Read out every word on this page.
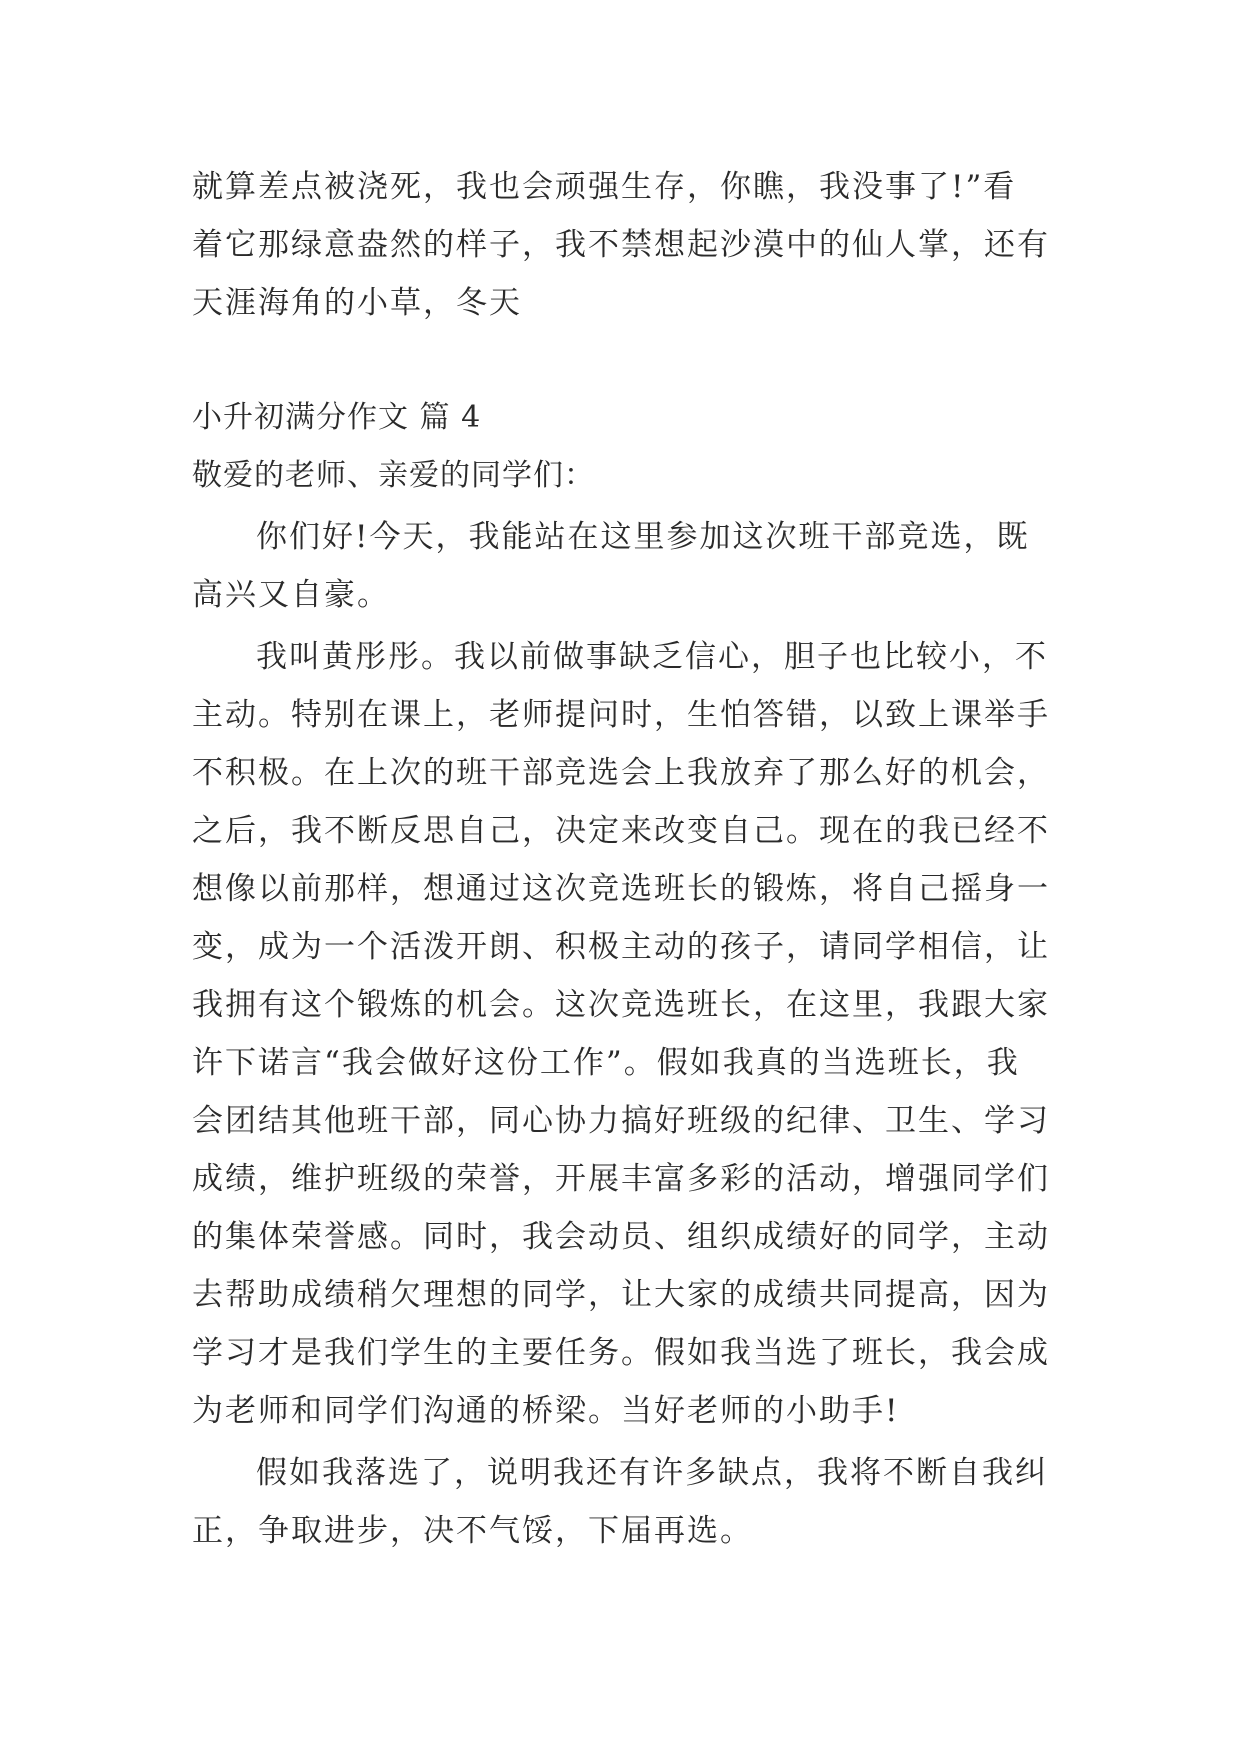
就算差点被浇死，我也会顽强生存，你瞧，我没事了!”看
着它那绿意盎然的样子，我不禁想起沙漠中的仙人掌，还有
天涯海角的小草，冬天
小升初满分作文 篇 4
敬爱的老师、亲爱的同学们：
你们好!今天，我能站在这里参加这次班干部竞选，既
高兴又自豪。
我叫黄彤彤。我以前做事缺乏信心，胆子也比较小，不
主动。特别在课上，老师提问时，生怕答错，以致上课举手
不积极。在上次的班干部竞选会上我放弃了那么好的机会，
之后，我不断反思自己，决定来改变自己。现在的我已经不
想像以前那样，想通过这次竞选班长的锻炼，将自己摇身一
变，成为一个活泼开朗、积极主动的孩子，请同学相信，让
我拥有这个锻炼的机会。这次竞选班长，在这里，我跟大家
许下诺言“我会做好这份工作”。假如我真的当选班长，我
会团结其他班干部，同心协力搞好班级的纪律、卫生、学习
成绩，维护班级的荣誉，开展丰富多彩的活动，增强同学们
的集体荣誉感。同时，我会动员、组织成绩好的同学，主动
去帮助成绩稍欠理想的同学，让大家的成绩共同提高，因为
学习才是我们学生的主要任务。假如我当选了班长，我会成
为老师和同学们沟通的桥梁。当好老师的小助手!
假如我落选了，说明我还有许多缺点，我将不断自我纠
正，争取进步，决不气馁，下届再选。
